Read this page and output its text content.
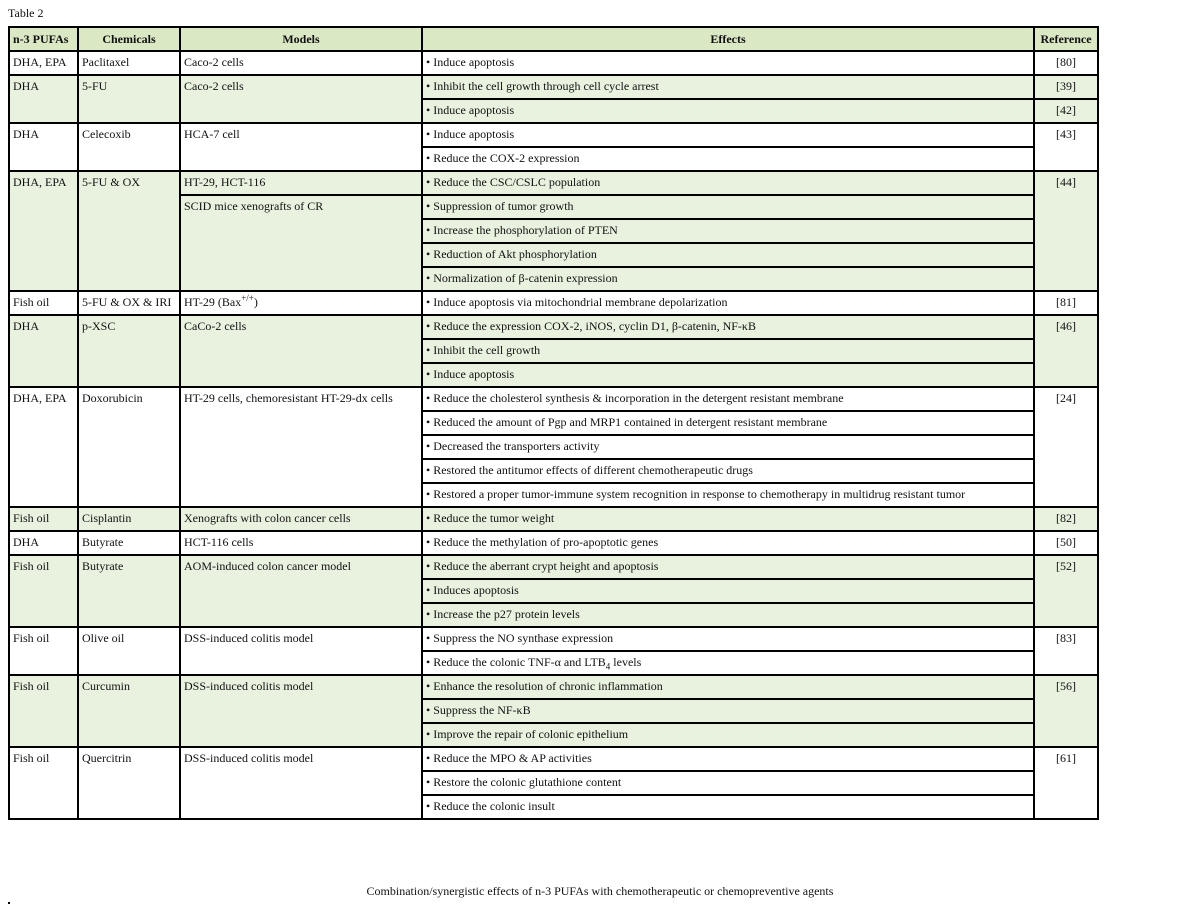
Table 2
n-3 PUFAs	Chemicals	Models	Effects	Reference
DHA, EPA	Paclitaxel	Caco-2 cells	• Induce apoptosis	[80]
DHA	5-FU	Caco-2 cells	• Inhibit the cell growth through cell cycle arrest	[39]
			• Induce apoptosis	[42]
DHA	Celecoxib	HCA-7 cell	• Induce apoptosis	[43]
			• Reduce the COX-2 expression	
DHA, EPA	5-FU & OX	HT-29, HCT-116	• Reduce the CSC/CSLC population	[44]
		SCID mice xenografts of CR	• Suppression of tumor growth	
			• Increase the phosphorylation of PTEN	
			• Reduction of Akt phosphorylation	
			• Normalization of β-catenin expression	
Fish oil	5-FU & OX & IRI	HT-29 (Bax+/+)	• Induce apoptosis via mitochondrial membrane depolarization	[81]
DHA	p-XSC	CaCo-2 cells	• Reduce the expression COX-2, iNOS, cyclin D1, β-catenin, NF-κB	[46]
			• Inhibit the cell growth	
			• Induce apoptosis	
DHA, EPA	Doxorubicin	HT-29 cells, chemoresistant HT-29-dx cells	• Reduce the cholesterol synthesis & incorporation in the detergent resistant membrane	[24]
			• Reduced the amount of Pgp and MRP1 contained in detergent resistant membrane	
			• Decreased the transporters activity	
			• Restored the antitumor effects of different chemotherapeutic drugs	
			• Restored a proper tumor-immune system recognition in response to chemotherapy in multidrug resistant tumor	
Fish oil	Cisplantin	Xenografts with colon cancer cells	• Reduce the tumor weight	[82]
DHA	Butyrate	HCT-116 cells	• Reduce the methylation of pro-apoptotic genes	[50]
Fish oil	Butyrate	AOM-induced colon cancer model	• Reduce the aberrant crypt height and apoptosis	[52]
			• Induces apoptosis	
			• Increase the p27 protein levels	
Fish oil	Olive oil	DSS-induced colitis model	• Suppress the NO synthase expression	[83]
			• Reduce the colonic TNF-α and $LTB_4$ levels	
Fish oil	Curcumin	DSS-induced colitis model	• Enhance the resolution of chronic inflammation	[56]
			• Suppress the NF-κB	
			• Improve the repair of colonic epithelium	
Fish oil	Quercitrin	DSS-induced colitis model	• Reduce the MPO & AP activities	[61]
			• Restore the colonic glutathione content	
			• Reduce the colonic insult	
Combination/synergistic effects of n-3 PUFAs with chemotherapeutic or chemopreventive agents
